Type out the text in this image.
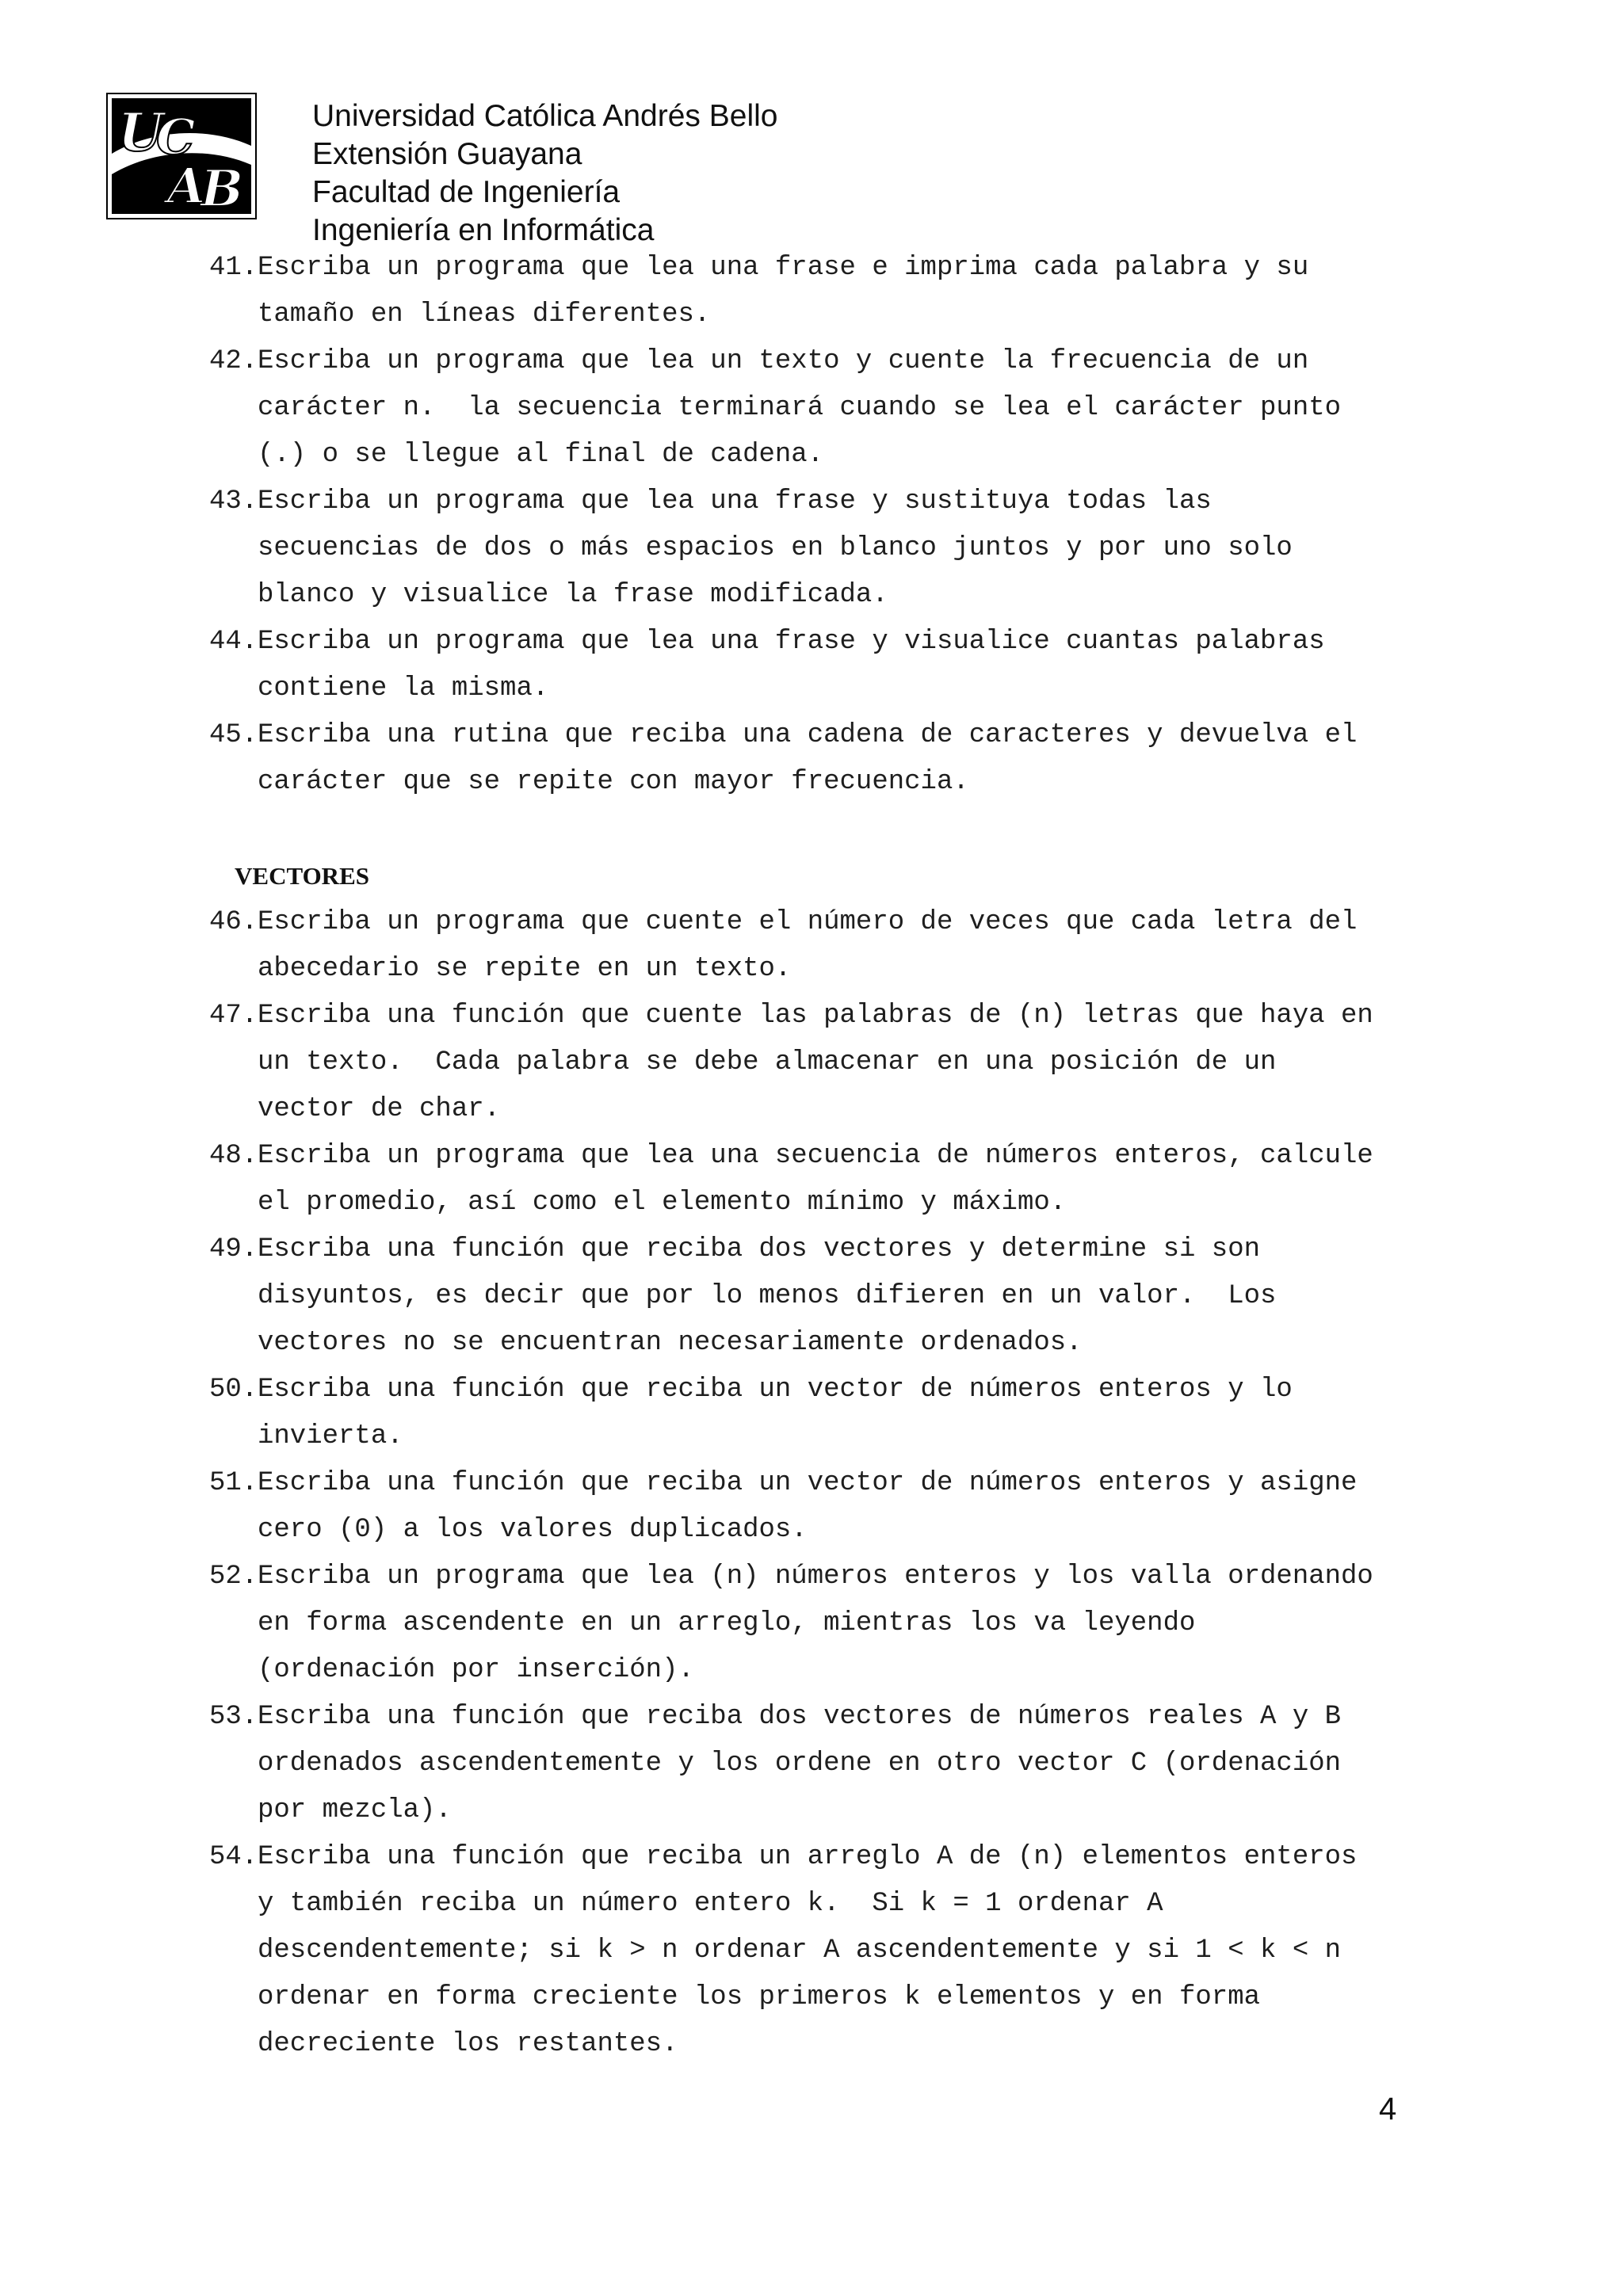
U
C
A
B
Universidad Católica Andrés Bello
Extensión Guayana
Facultad de Ingeniería
Ingeniería en Informática
41. Escriba un programa que lea una frase e imprima cada palabra y su
tamaño en líneas diferentes.
42. Escriba un programa que lea un texto y cuente la frecuencia de un
carácter n.  la secuencia terminará cuando se lea el carácter punto
(.) o se llegue al final de cadena.
43. Escriba un programa que lea una frase y sustituya todas las
secuencias de dos o más espacios en blanco juntos y por uno solo
blanco y visualice la frase modificada.
44. Escriba un programa que lea una frase y visualice cuantas palabras
contiene la misma.
45. Escriba una rutina que reciba una cadena de caracteres y devuelva el
carácter que se repite con mayor frecuencia.
VECTORES
46. Escriba un programa que cuente el número de veces que cada letra del
abecedario se repite en un texto.
47. Escriba una función que cuente las palabras de (n) letras que haya en
un texto.  Cada palabra se debe almacenar en una posición de un
vector de char.
48. Escriba un programa que lea una secuencia de números enteros, calcule
el promedio, así como el elemento mínimo y máximo.
49. Escriba una función que reciba dos vectores y determine si son
disyuntos, es decir que por lo menos difieren en un valor.  Los
vectores no se encuentran necesariamente ordenados.
50. Escriba una función que reciba un vector de números enteros y lo
invierta.
51. Escriba una función que reciba un vector de números enteros y asigne
cero (0) a los valores duplicados.
52. Escriba un programa que lea (n) números enteros y los valla ordenando
en forma ascendente en un arreglo, mientras los va leyendo
(ordenación por inserción).
53. Escriba una función que reciba dos vectores de números reales A y B
ordenados ascendentemente y los ordene en otro vector C (ordenación
por mezcla).
54. Escriba una función que reciba un arreglo A de (n) elementos enteros
y también reciba un número entero k.  Si k = 1 ordenar A
descendentemente; si k > n ordenar A ascendentemente y si 1 < k < n
ordenar en forma creciente los primeros k elementos y en forma
decreciente los restantes.
4
